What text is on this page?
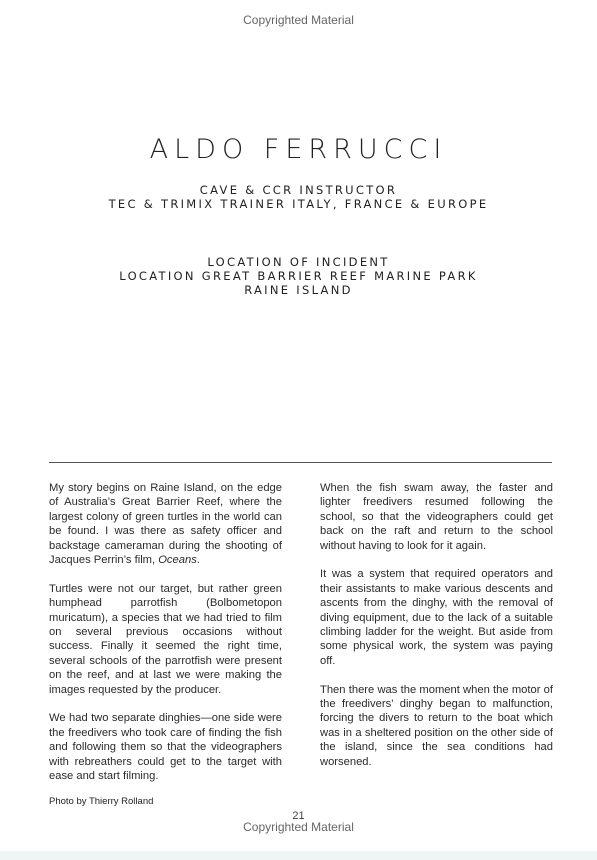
Copyrighted Material
ALDO FERRUCCI
CAVE & CCR INSTRUCTOR
TEC & TRIMIX TRAINER ITALY, FRANCE & EUROPE
LOCATION OF INCIDENT
LOCATION GREAT BARRIER REEF MARINE PARK
RAINE ISLAND

My story begins on Raine Island, on the edge of Australia’s Great Barrier Reef, where the largest colony of green turtles in the world can be found. I was there as safety officer and backstage cameraman during the shooting of Jacques Perrin’s film, Oceans.

Turtles were not our target, but rather green humphead parrotfish (Bolbometopon muricatum), a species that we had tried to film on several previous occasions without success. Finally it seemed the right time, several schools of the parrotfish were present on the reef, and at last we were making the images requested by the producer.

We had two separate dinghies—one side were the freedivers who took care of finding the fish and following them so that the videographers with rebreathers could get to the target with ease and start filming.

When the fish swam away, the faster and lighter freedivers resumed following the school, so that the videographers could get back on the raft and return to the school without having to look for it again.

It was a system that required operators and their assistants to make various descents and ascents from the dinghy, with the removal of diving equipment, due to the lack of a suitable climbing ladder for the weight. But aside from some physical work, the system was paying off.

Then there was the moment when the motor of the freedivers’ dinghy began to malfunction, forcing the divers to return to the boat which was in a sheltered position on the other side of the island, since the sea conditions had worsened.

Photo by Thierry Rolland
21
Copyrighted Material
